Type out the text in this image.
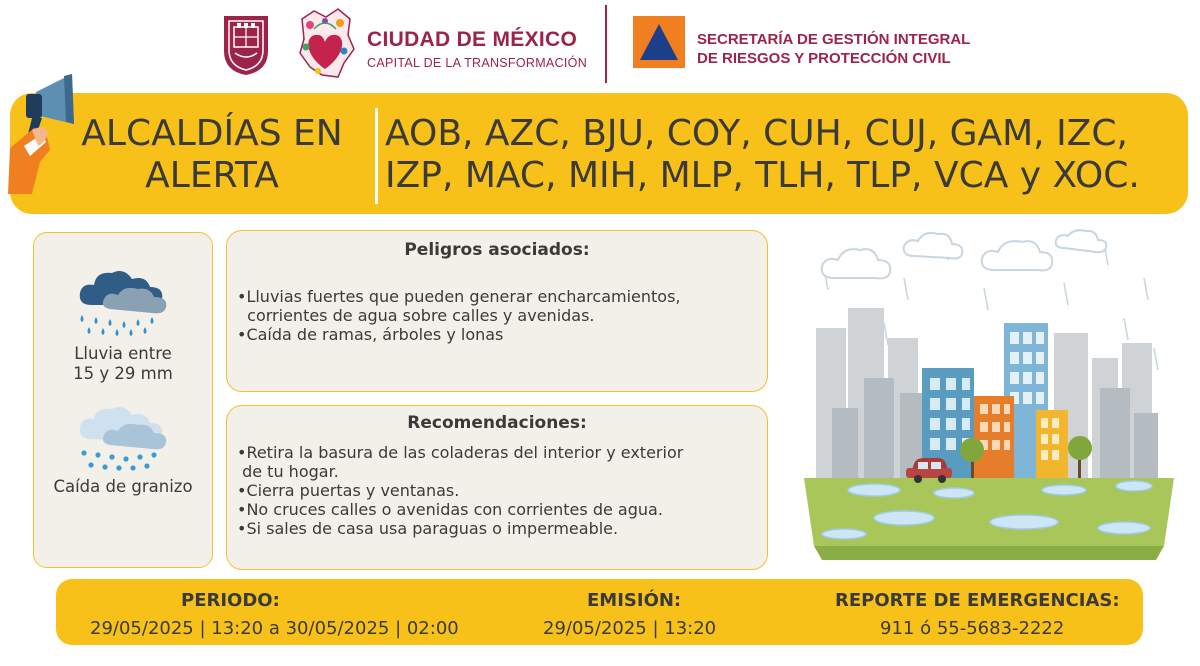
CIUDAD DE MÉXICO
CAPITAL DE LA TRANSFORMACIÓN
SECRETARÍA DE GESTIÓN INTEGRAL
DE RIESGOS Y PROTECCIÓN CIVIL
ALCALDÍAS EN
ALERTA
AOB, AZC, BJU, COY, CUH, CUJ, GAM, IZC,
IZP, MAC, MIH, MLP, TLH, TLP, VCA y XOC.
Lluvia entre
15 y 29 mm
Caída de granizo
Peligros asociados:
•Lluvias fuertes que pueden generar encharcamientos,
corrientes de agua sobre calles y avenidas.
•Caída de ramas, árboles y lonas
Recomendaciones:
•Retira la basura de las coladeras del interior y exterior
de tu hogar.
•Cierra puertas y ventanas.
•No cruces calles o avenidas con corrientes de agua.
•Si sales de casa usa paraguas o impermeable.
PERIODO:
29/05/2025 | 13:20 a 30/05/2025 | 02:00
EMISIÓN:
29/05/2025 | 13:20
REPORTE DE EMERGENCIAS:
911 ó 55-5683-2222
